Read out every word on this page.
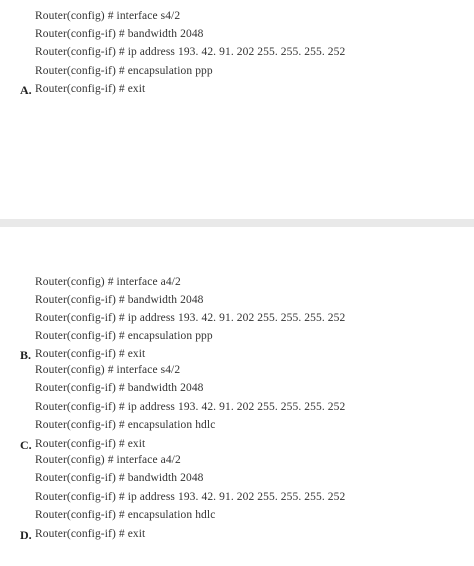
Router(config) # interface s4/2
Router(config-if) # bandwidth 2048
Router(config-if) # ip address 193. 42. 91. 202 255. 255. 255. 252
Router(config-if) # encapsulation ppp
A. Router(config-if) # exit
Router(config) # interface a4/2
Router(config-if) # bandwidth 2048
Router(config-if) # ip address 193. 42. 91. 202 255. 255. 255. 252
Router(config-if) # encapsulation ppp
B. Router(config-if) # exit
Router(config) # interface s4/2
Router(config-if) # bandwidth 2048
Router(config-if) # ip address 193. 42. 91. 202 255. 255. 255. 252
Router(config-if) # encapsulation hdlc
C. Router(config-if) # exit
Router(config) # interface a4/2
Router(config-if) # bandwidth 2048
Router(config-if) # ip address 193. 42. 91. 202 255. 255. 255. 252
Router(config-if) # encapsulation hdlc
D. Router(config-if) # exit
